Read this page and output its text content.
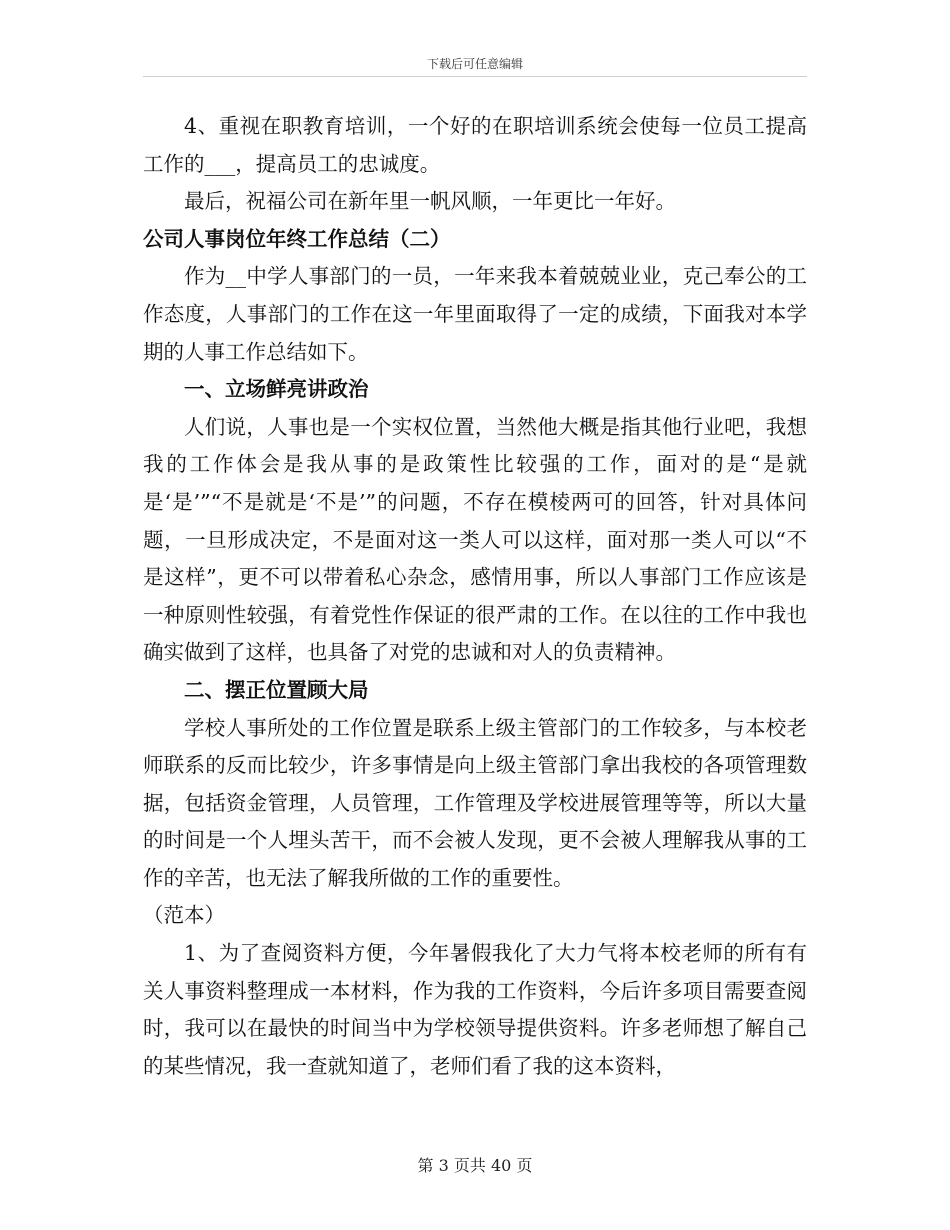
下载后可任意编辑

4、重视在职教育培训，一个好的在职培训系统会使每一位员工提高工作的___，提高员工的忠诚度。

最后，祝福公司在新年里一帆风顺，一年更比一年好。

公司人事岗位年终工作总结（二）

作为__中学人事部门的一员，一年来我本着兢兢业业，克己奉公的工作态度，人事部门的工作在这一年里面取得了一定的成绩，下面我对本学期的人事工作总结如下。

一、立场鲜亮讲政治

人们说，人事也是一个实权位置，当然他大概是指其他行业吧，我想我的工作体会是我从事的是政策性比较强的工作，面对的是“是就是‘是’”“不是就是‘不是’”的问题，不存在模棱两可的回答，针对具体问题，一旦形成决定，不是面对这一类人可以这样，面对那一类人可以“不是这样”，更不可以带着私心杂念，感情用事，所以人事部门工作应该是一种原则性较强，有着党性作保证的很严肃的工作。在以往的工作中我也确实做到了这样，也具备了对党的忠诚和对人的负责精神。

二、摆正位置顾大局

学校人事所处的工作位置是联系上级主管部门的工作较多，与本校老师联系的反而比较少，许多事情是向上级主管部门拿出我校的各项管理数据，包括资金管理，人员管理，工作管理及学校进展管理等等，所以大量的时间是一个人埋头苦干，而不会被人发现，更不会被人理解我从事的工作的辛苦，也无法了解我所做的工作的重要性。

（范本）

1、为了查阅资料方便，今年暑假我化了大力气将本校老师的所有有关人事资料整理成一本材料，作为我的工作资料，今后许多项目需要查阅时，我可以在最快的时间当中为学校领导提供资料。许多老师想了解自己的某些情况，我一查就知道了，老师们看了我的这本资料，

第 3 页共 40 页
